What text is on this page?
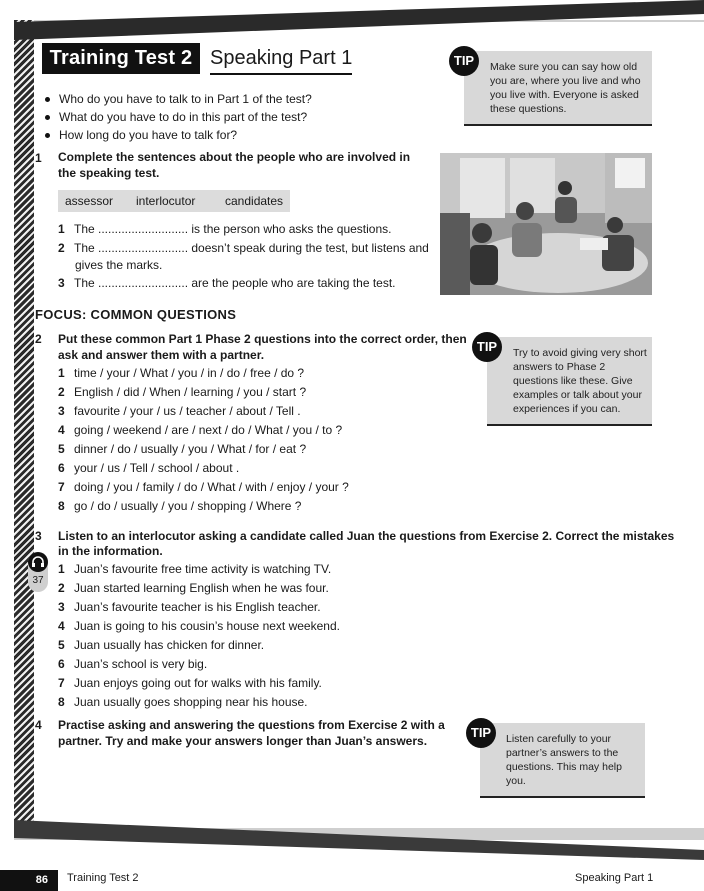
Training Test 2 Speaking Part 1
Who do you have to talk to in Part 1 of the test?
What do you have to do in this part of the test?
How long do you have to talk for?

Make sure you can say how old you are, where you live and who you live with. Everyone is asked these questions.

TIP
1 Complete the sentences about the people who are involved in the speaking test.
assessor interlocutor candidates
1 The ........................... is the person who asks the questions.
2 The ........................... doesn’t speak during the test, but listens and
gives the marks.
3 The ........................... are the people who are taking the test.
FOCUS: COMMON QUESTIONS
2 Put these common Part 1 Phase 2 questions into the correct order, then
ask and answer them with a partner.
1 time / your / What / you / in / do / free / do ?
2 English / did / When / learning / you / start ?
3 favourite / your / us / teacher / about / Tell .
4 going / weekend / are / next / do / What / you / to ?
5 dinner / do / usually / you / What / for / eat ?
6 your / us / Tell / school / about .
7 doing / you / family / do / What / with / enjoy / your ?
8 go / do / usually / you / shopping / Where ?

Try to avoid giving very short answers to Phase 2 questions like these. Give examples or talk about your experiences if you can.

TIP
3 Listen to an interlocutor asking a candidate called Juan the questions from Exercise 2. Correct the mistakes
in the information.
37
1 Juan’s favourite free time activity is watching TV.
2 Juan started learning English when he was four.
3 Juan’s favourite teacher is his English teacher.
4 Juan is going to his cousin’s house next weekend.
5 Juan usually has chicken for dinner.
6 Juan’s school is very big.
7 Juan enjoys going out for walks with his family.
8 Juan usually goes shopping near his house.
4 Practise asking and answering the questions from Exercise 2 with a
partner. Try and make your answers longer than Juan’s answers.	Listen carefully to your partner’s answers to the questions. This may help you.

TIP
86	Training Test 2	Speaking Part 1
